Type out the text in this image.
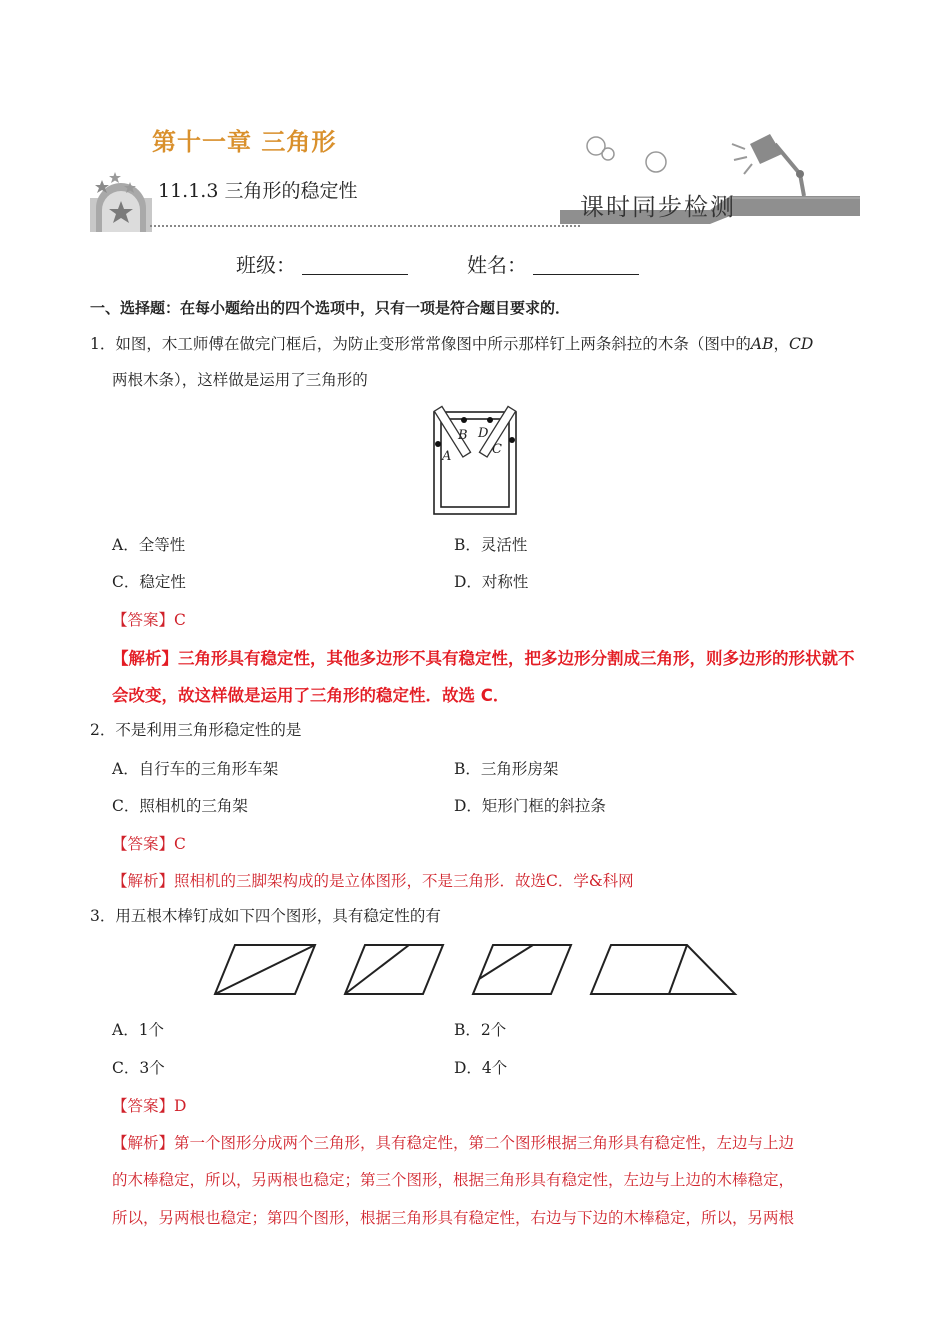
第十一章 三角形
11.1.3 三角形的稳定性
课时同步检测
班级：	姓名：
一、选择题：在每小题给出的四个选项中，只有一项是符合题目要求的．
1．如图，木工师傅在做完门框后，为防止变形常常像图中所示那样钉上两条斜拉的木条（图中的AB，CD
两根木条），这样做是运用了三角形的
B D
A	C
A．全等性	B．灵活性
C．稳定性	D．对称性
【答案】C
【解析】三角形具有稳定性，其他多边形不具有稳定性，把多边形分割成三角形，则多边形的形状就不
会改变，故这样做是运用了三角形的稳定性．故选 C．
2．不是利用三角形稳定性的是
A．自行车的三角形车架	B．三角形房架
C．照相机的三角架	D．矩形门框的斜拉条
【答案】C
【解析】照相机的三脚架构成的是立体图形，不是三角形．故选C．学&科网
3．用五根木棒钉成如下四个图形，具有稳定性的有
A．1个	B．2个
C．3个	D．4个
【答案】D
【解析】第一个图形分成两个三角形，具有稳定性，第二个图形根据三角形具有稳定性，左边与上边
的木棒稳定，所以，另两根也稳定；第三个图形，根据三角形具有稳定性，左边与上边的木棒稳定，
所以，另两根也稳定；第四个图形，根据三角形具有稳定性，右边与下边的木棒稳定，所以，另两根
